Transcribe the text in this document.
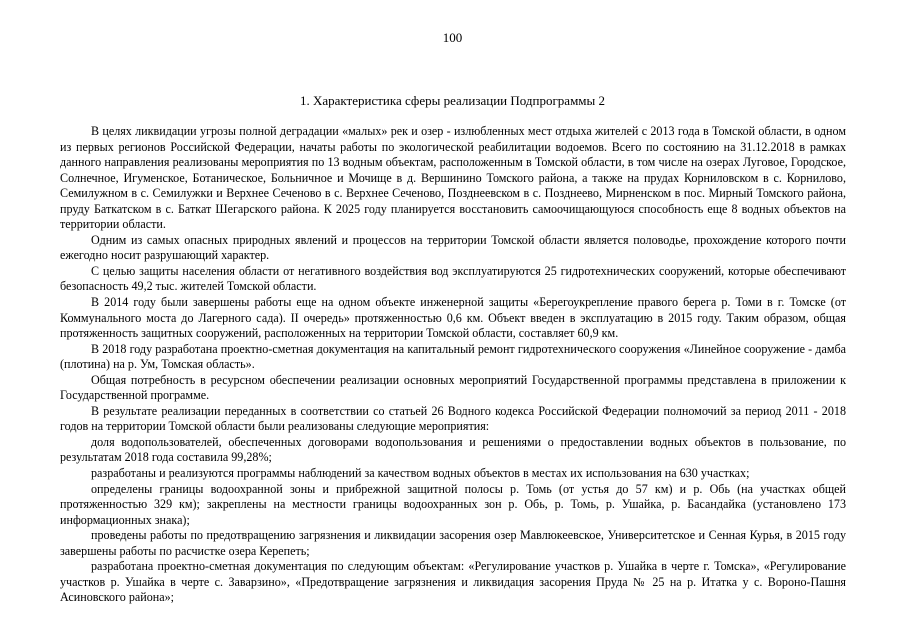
100
1. Характеристика сферы реализации Подпрограммы 2

В целях ликвидации угрозы полной деградации «малых» рек и озер - излюбленных мест отдыха жителей с 2013 года в Томской области, в одном из первых регионов Российской Федерации, начаты работы по экологической реабилитации водоемов. Всего по состоянию на 31.12.2018 в рамках данного направления реализованы мероприятия по 13 водным объектам, расположенным в Томской области, в том числе на озерах Луговое, Городское, Солнечное, Игуменское, Ботаническое, Больничное и Мочище в д. Вершинино Томского района, а также на прудах Корниловском в с. Корнилово, Семилужном в с. Семилужки и Верхнее Сеченово в с. Верхнее Сеченово, Позднеевском в с. Позднеево, Мирненском в пос. Мирный Томского района, пруду Баткатском в с. Баткат Шегарского района. К 2025 году планируется восстановить самоочищающуюся способность еще 8 водных объектов на территории области.

Одним из самых опасных природных явлений и процессов на территории Томской области является половодье, прохождение которого почти ежегодно носит разрушающий характер.

С целью защиты населения области от негативного воздействия вод эксплуатируются 25 гидротехнических сооружений, которые обеспечивают безопасность 49,2 тыс. жителей Томской области.

В 2014 году были завершены работы еще на одном объекте инженерной защиты «Берегоукрепление правого берега р. Томи в г. Томске (от Коммунального моста до Лагерного сада). II очередь» протяженностью 0,6 км. Объект введен в эксплуатацию в 2015 году. Таким образом, общая протяженность защитных сооружений, расположенных на территории Томской области, составляет 60,9 км.

В 2018 году разработана проектно-сметная документация на капитальный ремонт гидротехнического сооружения «Линейное сооружение - дамба (плотина) на р. Ум, Томская область».

Общая потребность в ресурсном обеспечении реализации основных мероприятий Государственной программы представлена в приложении к Государственной программе.

В результате реализации переданных в соответствии со статьей 26 Водного кодекса Российской Федерации полномочий за период 2011 - 2018 годов на территории Томской области были реализованы следующие мероприятия:

доля водопользователей, обеспеченных договорами водопользования и решениями о предоставлении водных объектов в пользование, по результатам 2018 года составила 99,28%;

разработаны и реализуются программы наблюдений за качеством водных объектов в местах их использования на 630 участках;

определены границы водоохранной зоны и прибрежной защитной полосы р. Томь (от устья до 57 км) и р. Обь (на участках общей протяженностью 329 км); закреплены на местности границы водоохранных зон р. Обь, р. Томь, р. Ушайка, р. Басандайка (установлено 173 информационных знака);

проведены работы по предотвращению загрязнения и ликвидации засорения озер Мавлюкеевское, Университетское и Сенная Курья, в 2015 году завершены работы по расчистке озера Керепеть;

разработана проектно-сметная документация по следующим объектам: «Регулирование участков р. Ушайка в черте г. Томска», «Регулирование участков р. Ушайка в черте с. Заварзино», «Предотвращение загрязнения и ликвидация засорения Пруда № 25 на р. Итатка у с. Вороно-Пашня Асиновского района»;
